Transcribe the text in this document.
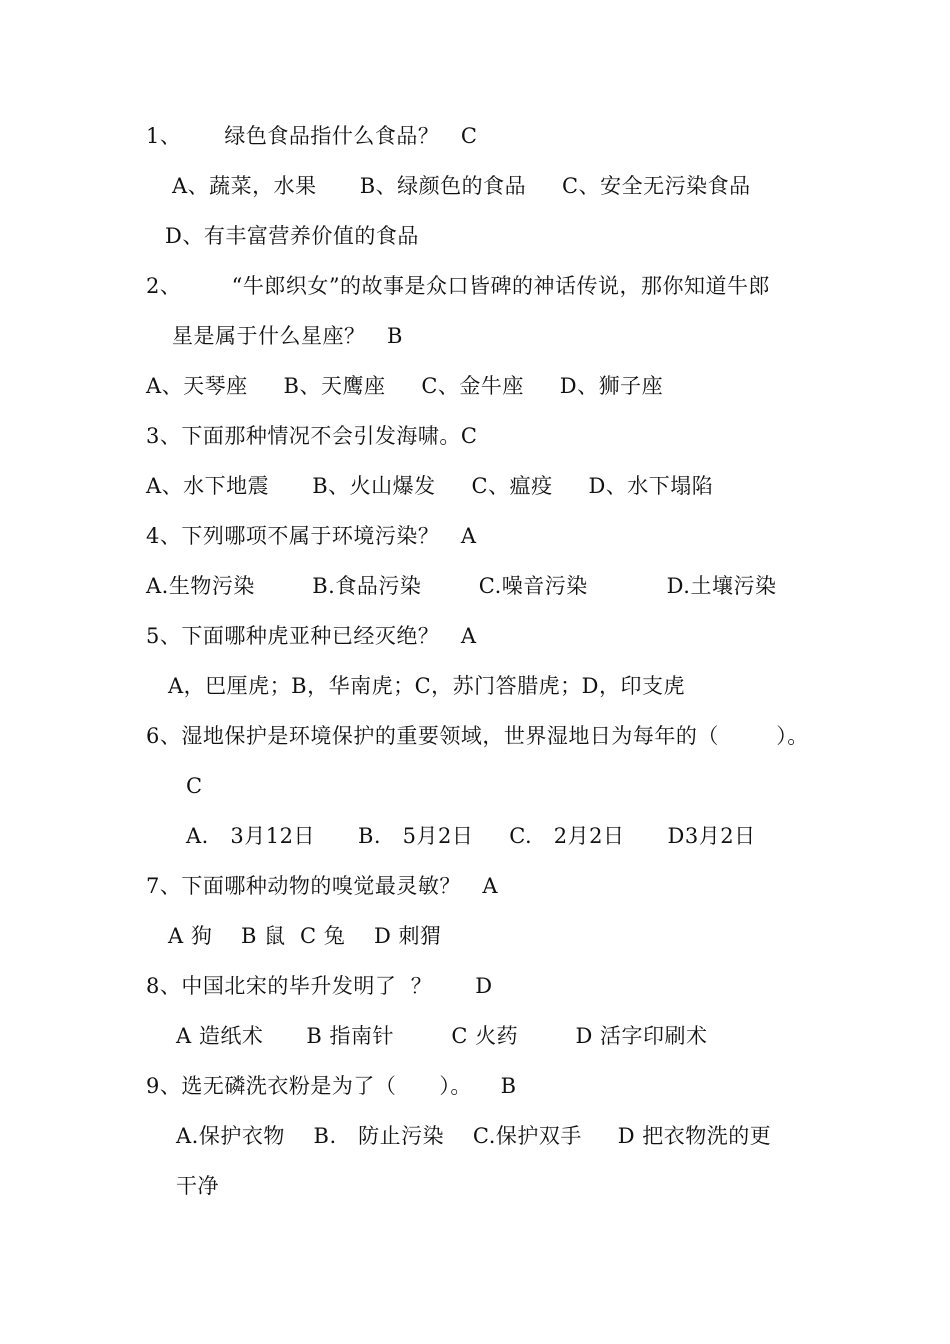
1、      绿色食品指什么食品？   C
A、蔬菜，水果      B、绿颜色的食品     C、安全无污染食品
D、有丰富营养价值的食品
2、       “牛郎织女”的故事是众口皆碑的神话传说，那你知道牛郎
星是属于什么星座？   B
A、天琴座     B、天鹰座     C、金牛座     D、狮子座
3、下面那种情况不会引发海啸。C
A、水下地震      B、火山爆发     C、瘟疫     D、水下塌陷
4、下列哪项不属于环境污染？   A
A.生物污染        B.食品污染        C.噪音污染           D.土壤污染
5、下面哪种虎亚种已经灭绝？   A
A，巴厘虎；B，华南虎；C，苏门答腊虎；D，印支虎
6、湿地保护是环境保护的重要领域，世界湿地日为每年的（        ）。
C
A.   3月12日      B.   5月2日     C.   2月2日      D3月2日
7、下面哪种动物的嗅觉最灵敏？   A
A 狗    B 鼠  C 兔    D 刺猬
8、中国北宋的毕升发明了  ？      D
A 造纸术      B 指南针        C 火药        D 活字印刷术
9、选无磷洗衣粉是为了（      ）。    B
A.保护衣物    B.   防止污染    C.保护双手     D 把衣物洗的更
干净
